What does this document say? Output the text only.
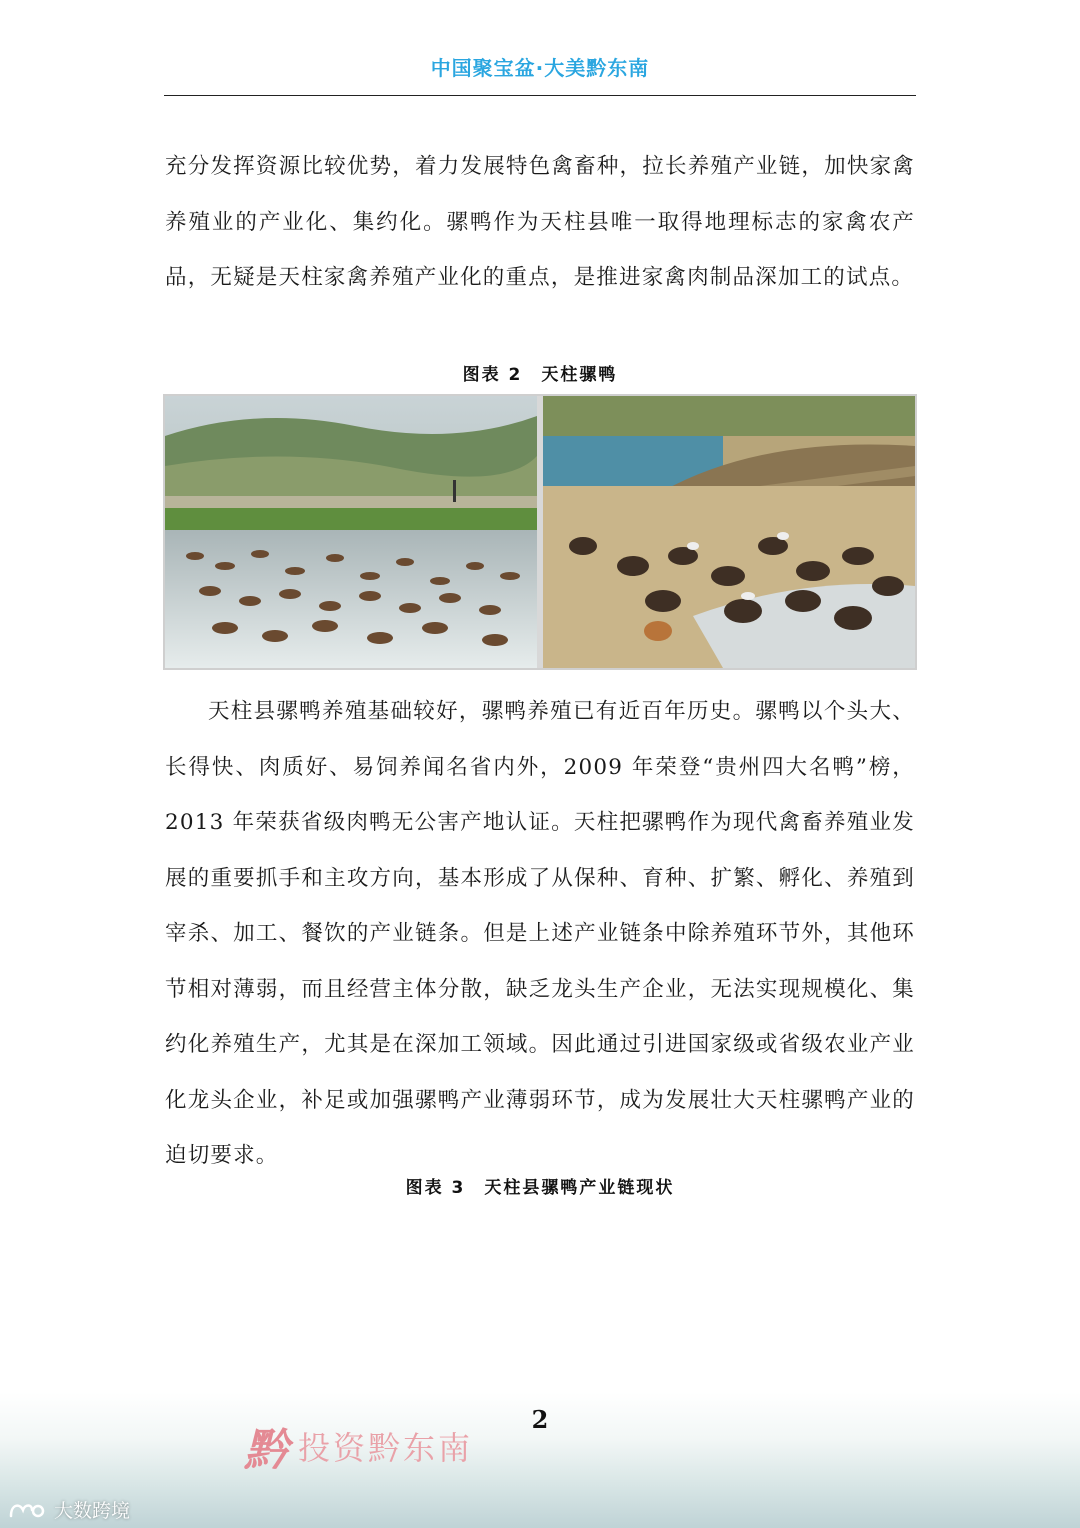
中国聚宝盆·大美黔东南

充分发挥资源比较优势，着力发展特色禽畜种，拉长养殖产业链，加快家禽养殖业的产业化、集约化。骡鸭作为天柱县唯一取得地理标志的家禽农产品，无疑是天柱家禽养殖产业化的重点，是推进家禽肉制品深加工的试点。

图表 2　天柱骡鸭

天柱县骡鸭养殖基础较好，骡鸭养殖已有近百年历史。骡鸭以个头大、长得快、肉质好、易饲养闻名省内外，2009 年荣登“贵州四大名鸭”榜，2013 年荣获省级肉鸭无公害产地认证。天柱把骡鸭作为现代禽畜养殖业发展的重要抓手和主攻方向，基本形成了从保种、育种、扩繁、孵化、养殖到宰杀、加工、餐饮的产业链条。但是上述产业链条中除养殖环节外，其他环节相对薄弱，而且经营主体分散，缺乏龙头生产企业，无法实现规模化、集约化养殖生产，尤其是在深加工领域。因此通过引进国家级或省级农业产业化龙头企业，补足或加强骡鸭产业薄弱环节，成为发展壮大天柱骡鸭产业的迫切要求。

图表 3　天柱县骡鸭产业链现状
黔 投资黔东南
2
大数跨境
